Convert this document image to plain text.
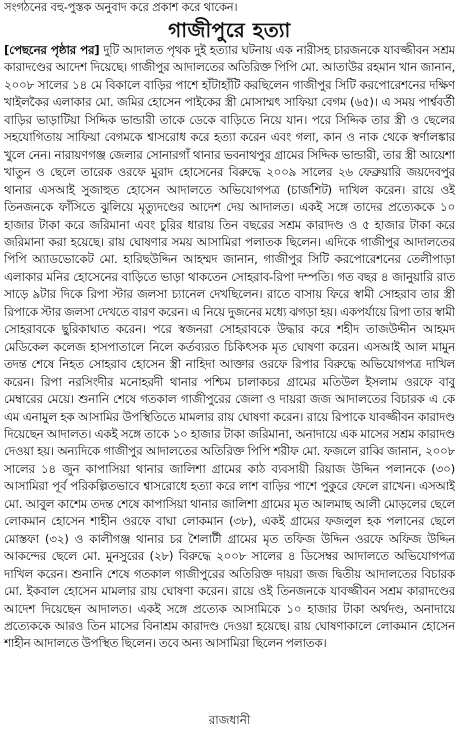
সংগঠনের বহু-পুস্তক অনুবাদ করে প্রকাশ করে থাকেন।
গাজীপুরে হত্যা
[পেছনের পৃষ্ঠার পর] দুটি আদালত পৃথক দুই হত্যার ঘটনায় এক নারীসহ চারজনকে যাবজ্জীবন সশ্রম কারাদণ্ডের আদেশ দিয়েছে। গাজীপুর আদালতের অতিরিক্ত পিপি মো. আতাউর রহমান খান জানান, ২০০৮ সালের ১৪ মে বিকালে বাড়ির পাশে হাঁটাহাঁটি করছিলেন গাজীপুর সিটি করপোরেশনের দক্ষিণ খাইলকৈর এলাকার মো. জমির হোসেন পাইকের স্ত্রী মোসাম্মৎ সাফিয়া বেগম (৬৫)। এ সময় পার্শ্ববর্তী বাড়ির ভাড়াটিয়া সিদ্দিক ভান্ডারী তাকে ডেকে বাড়িতে নিয়ে যান। পরে সিদ্দিক তার স্ত্রী ও ছেলের সহযোগিতায় সাফিয়া বেগমকে শ্বাসরোধ করে হত্যা করেন এবং গলা, কান ও নাক থেকে স্বর্ণালঙ্কার খুলে নেন। নারায়ণগঞ্জ জেলার সোনারগাঁ থানার ভবনাথপুর গ্রামের সিদ্দিক ভান্ডারী, তার স্ত্রী আয়েশা খাতুন ও ছেলে তারেক ওরফে মুরাদ হোসেনের বিরুদ্ধে ২০০৯ সালের ২৬ ফেব্রুয়ারি জয়দেবপুর থানার এসআই সুজাহুত হোসেন আদালতে অভিযোগপত্র (চার্জশিট) দাখিল করেন। রায়ে ওই তিনজনকে ফাঁসিতে ঝুলিয়ে মৃত্যুদণ্ডের আদেশ দেয় আদালত। একই সঙ্গে তাদের প্রত্যেককে ১০ হাজার টাকা করে জরিমানা এবং চুরির ধারায় তিন বছরের সশ্রম কারাদণ্ড ও ৫ হাজার টাকা করে জরিমানা করা হয়েছে। রায় ঘোষণার সময় আসামিরা পলাতক ছিলেন। এদিকে গাজীপুর আদালতের পিপি অ্যাডভোকেট মো. হারিছউদ্দিন আহম্মদ জানান, গাজীপুর সিটি করপোরেশনের তেলীপাড়া এলাকার মনির হোসেনের বাড়িতে ভাড়া থাকতেন সোহরাব-রিপা দম্পতি। গত বছর ৪ জানুয়ারি রাত সাড়ে ৯টার দিকে রিপা স্টার জলসা চ্যানেল দেখছিলেন। রাতে বাসায় ফিরে স্বামী সোহরাব তার স্ত্রী রিপাকে স্টার জলসা দেখতে বারণ করেন। এ নিয়ে দুজনের মধ্যে ঝগড়া হয়। একপর্যায়ে রিপা তার স্বামী সোহরাবকে ছুরিকাঘাত করেন। পরে স্বজনরা সোহরাবকে উদ্ধার করে শহীদ তাজউদ্দীন আহমদ মেডিকেল কলেজ হাসপাতালে নিলে কর্তব্যরত চিকিৎসক মৃত ঘোষণা করেন। এসআই আল মামুন তদন্ত শেষে নিহত সোহরাব হোসেন স্ত্রী নাহিদা আক্তার ওরফে রিপার বিরুদ্ধে অভিযোগপত্র দাখিল করেন। রিপা নরসিংদীর মনোহরদী থানার পশ্চিম চালাকচর গ্রামের মতিউল ইসলাম ওরফে বাবু মেম্বারের মেয়ে। শুনানি শেষে গতকাল গাজীপুরের জেলা ও দায়রা জজ আদালতের বিচারক এ কে এম এনামুল হক আসামির উপস্থিতিতে মামলার রায় ঘোষণা করেন। রায়ে রিপাকে যাবজ্জীবন কারাদণ্ড দিয়েছেন আদালত। একই সঙ্গে তাকে ১০ হাজার টাকা জরিমানা, অনাদায়ে এক মাসের সশ্রম কারাদণ্ড দেওয়া হয়। অন্যদিকে গাজীপুর আদালতের অতিরিক্ত পিপি শরীফ মো. ফজলে রাব্বি জানান, ২০০৮ সালের ১৪ জুন কাপাসিয়া থানার জালিশা গ্রামের কাঠ ব্যবসায়ী রিয়াজ উদ্দিন পলানকে (৩০) আসামিরা পূর্ব পরিকল্পিতভাবে শ্বাসরোধে হত্যা করে লাশ বাড়ির পাশে পুকুরে ফেলে রাখেন। এসআই মো. আবুল কাশেম তদন্ত শেষে কাপাসিয়া থানার জালিশা গ্রামের মৃত আলমাছ আলী মোড়লের ছেলে লোকমান হোসেন শাহীন ওরফে বাঘা লোকমান (৩৮), একই গ্রামের ফজলুল হক পলানের ছেলে মোস্তফা (৩২) ও কালীগঞ্জ থানার চর শৈলাটী গ্রামের মৃত তফিজ উদ্দিন ওরফে অফিজ উদ্দিন আকন্দের ছেলে মো. মুনসুরের (২৮) বিরুদ্ধে ২০০৮ সালের ৪ ডিসেম্বর আদালতে অভিযোগপত্র দাখিল করেন। শুনানি শেষে গতকাল গাজীপুরের অতিরিক্ত দায়রা জজ দ্বিতীয় আদালতের বিচারক মো. ইকবাল হোসেন মামলার রায় ঘোষণা করেন। রায়ে ওই তিনজনকে যাবজ্জীবন সশ্রম কারাদণ্ডের আদেশ দিয়েছেন আদালত। একই সঙ্গে প্রত্যেক আসামিকে ১০ হাজার টাকা অর্থদণ্ড, অনাদায়ে প্রত্যেককে আরও তিন মাসের বিনাশ্রম কারাদণ্ড দেওয়া হয়েছে। রায় ঘোষণাকালে লোকমান হোসেন শাহীন আদালতে উপস্থিত ছিলেন। তবে অন্য আসামিরা ছিলেন পলাতক।
রাজধানী
